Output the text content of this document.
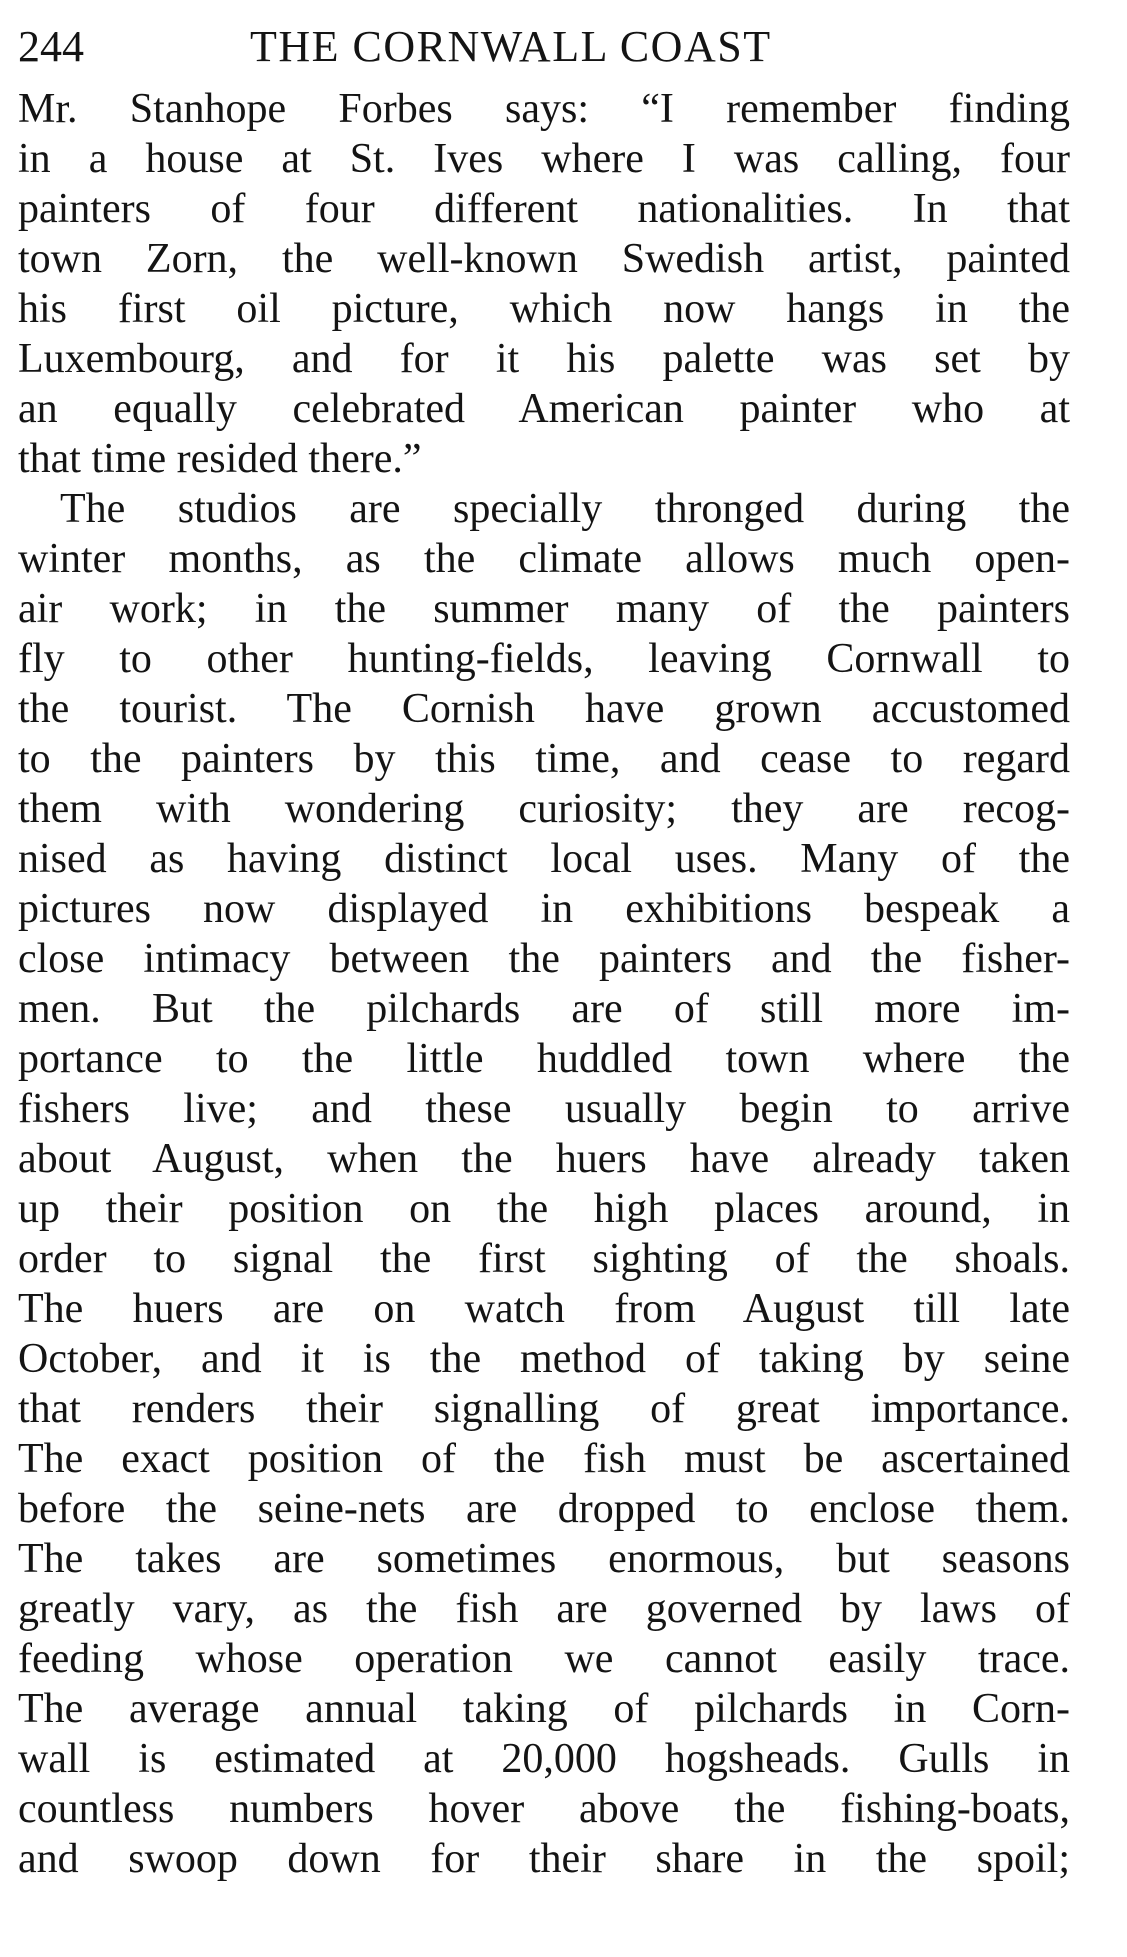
244	THE CORNWALL COAST
Mr. Stanhope Forbes says: “I remember finding
in a house at St. Ives where I was calling, four
painters of four different nationalities. In that
town Zorn, the well-known Swedish artist, painted
his first oil picture, which now hangs in the
Luxembourg, and for it his palette was set by
an equally celebrated American painter who at
that time resided there.”
The studios are specially thronged during the
winter months, as the climate allows much open-
air work; in the summer many of the painters
fly to other hunting-fields, leaving Cornwall to
the tourist. The Cornish have grown accustomed
to the painters by this time, and cease to regard
them with wondering curiosity; they are recog-
nised as having distinct local uses. Many of the
pictures now displayed in exhibitions bespeak a
close intimacy between the painters and the fisher-
men. But the pilchards are of still more im-
portance to the little huddled town where the
fishers live; and these usually begin to arrive
about August, when the huers have already taken
up their position on the high places around, in
order to signal the first sighting of the shoals.
The huers are on watch from August till late
October, and it is the method of taking by seine
that renders their signalling of great importance.
The exact position of the fish must be ascertained
before the seine-nets are dropped to enclose them.
The takes are sometimes enormous, but seasons
greatly vary, as the fish are governed by laws of
feeding whose operation we cannot easily trace.
The average annual taking of pilchards in Corn-
wall is estimated at 20,000 hogsheads. Gulls in
countless numbers hover above the fishing-boats,
and swoop down for their share in the spoil;
